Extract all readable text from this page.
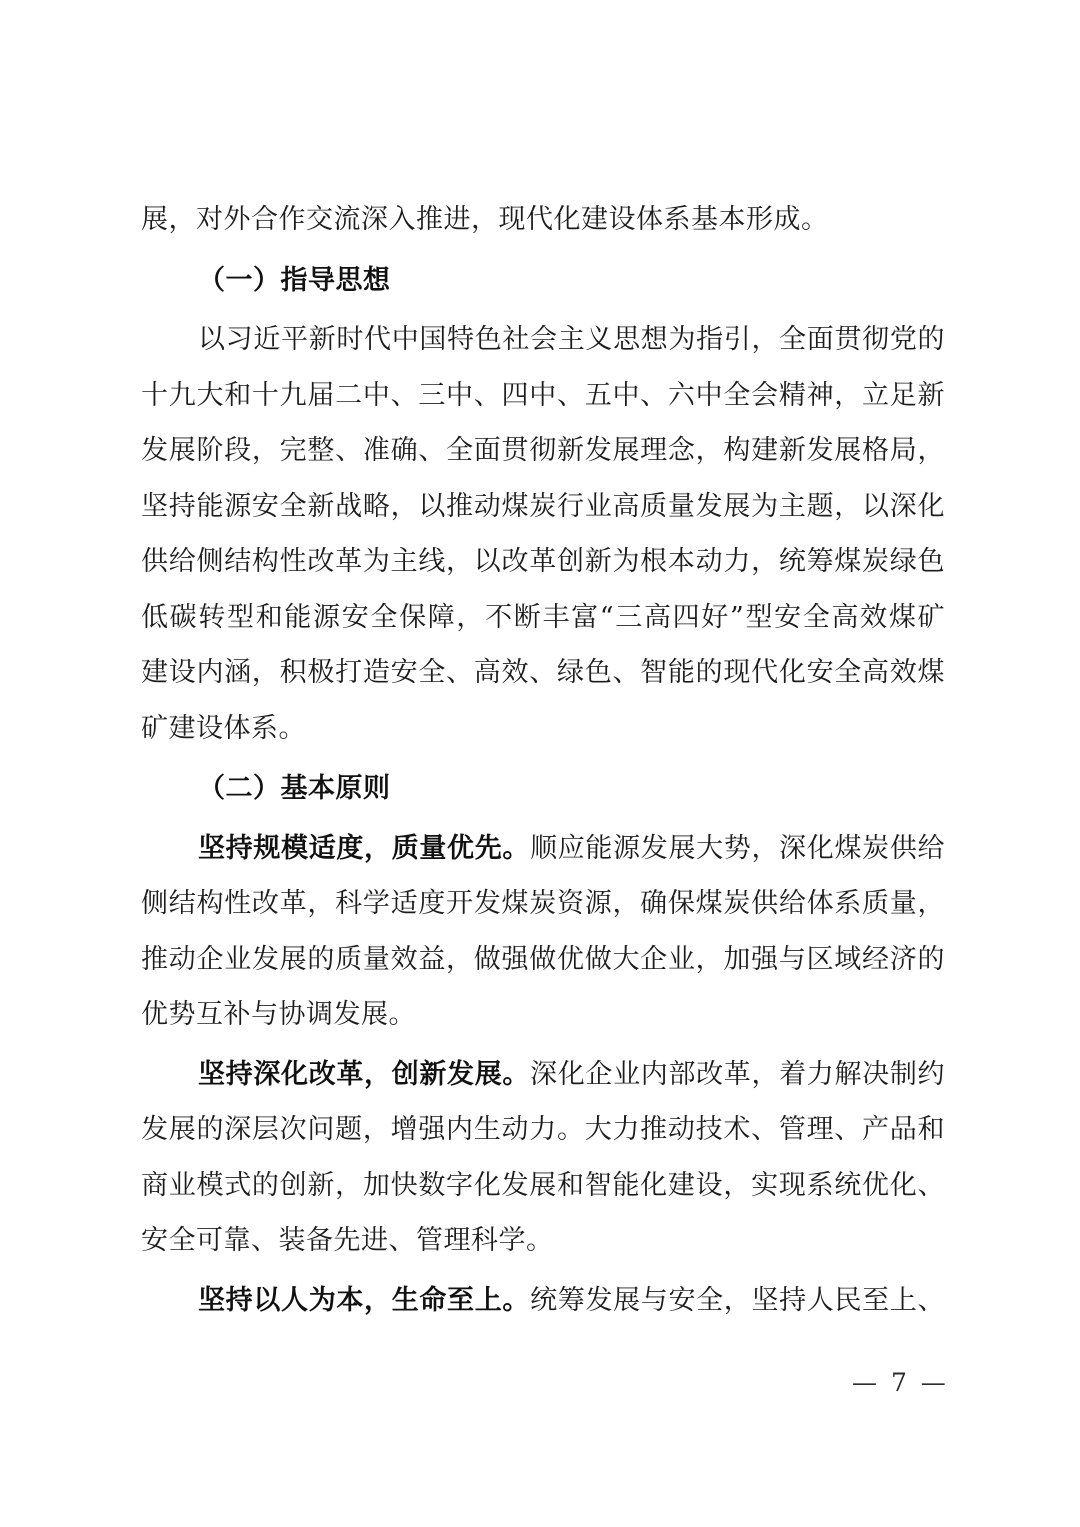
展，对外合作交流深入推进，现代化建设体系基本形成。
（一）指导思想
以习近平新时代中国特色社会主义思想为指引，全面贯彻党的
十九大和十九届二中、三中、四中、五中、六中全会精神，立足新
发展阶段，完整、准确、全面贯彻新发展理念，构建新发展格局，
坚持能源安全新战略，以推动煤炭行业高质量发展为主题，以深化
供给侧结构性改革为主线，以改革创新为根本动力，统筹煤炭绿色
低碳转型和能源安全保障，不断丰富“三高四好”型安全高效煤矿
建设内涵，积极打造安全、高效、绿色、智能的现代化安全高效煤
矿建设体系。
（二）基本原则
坚持规模适度，质量优先。顺应能源发展大势，深化煤炭供给
侧结构性改革，科学适度开发煤炭资源，确保煤炭供给体系质量，
推动企业发展的质量效益，做强做优做大企业，加强与区域经济的
优势互补与协调发展。
坚持深化改革，创新发展。深化企业内部改革，着力解决制约
发展的深层次问题，增强内生动力。大力推动技术、管理、产品和
商业模式的创新，加快数字化发展和智能化建设，实现系统优化、
安全可靠、装备先进、管理科学。
坚持以人为本，生命至上。统筹发展与安全，坚持人民至上、
— 7 —
